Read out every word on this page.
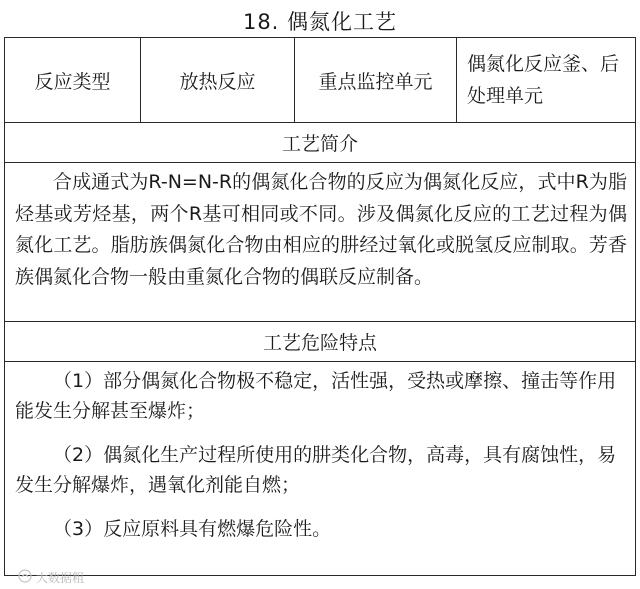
18. 偶氮化工艺
反应类型	放热反应	重点监控单元	偶氮化反应釜、后处理单元
工艺简介

合成通式为R-N=N-R的偶氮化合物的反应为偶氮化反应，式中R为脂烃基或芳烃基，两个R基可相同或不同。涉及偶氮化反应的工艺过程为偶氮化工艺。脂肪族偶氮化合物由相应的肼经过氧化或脱氢反应制取。芳香族偶氮化合物一般由重氮化合物的偶联反应制备。

工艺危险特点

（1）部分偶氮化合物极不稳定，活性强，受热或摩擦、撞击等作用能发生分解甚至爆炸；

（2）偶氮化生产过程所使用的肼类化合物，高毒，具有腐蚀性，易发生分解爆炸，遇氧化剂能自燃；

（3）反应原料具有燃爆危险性。

大数据粗
